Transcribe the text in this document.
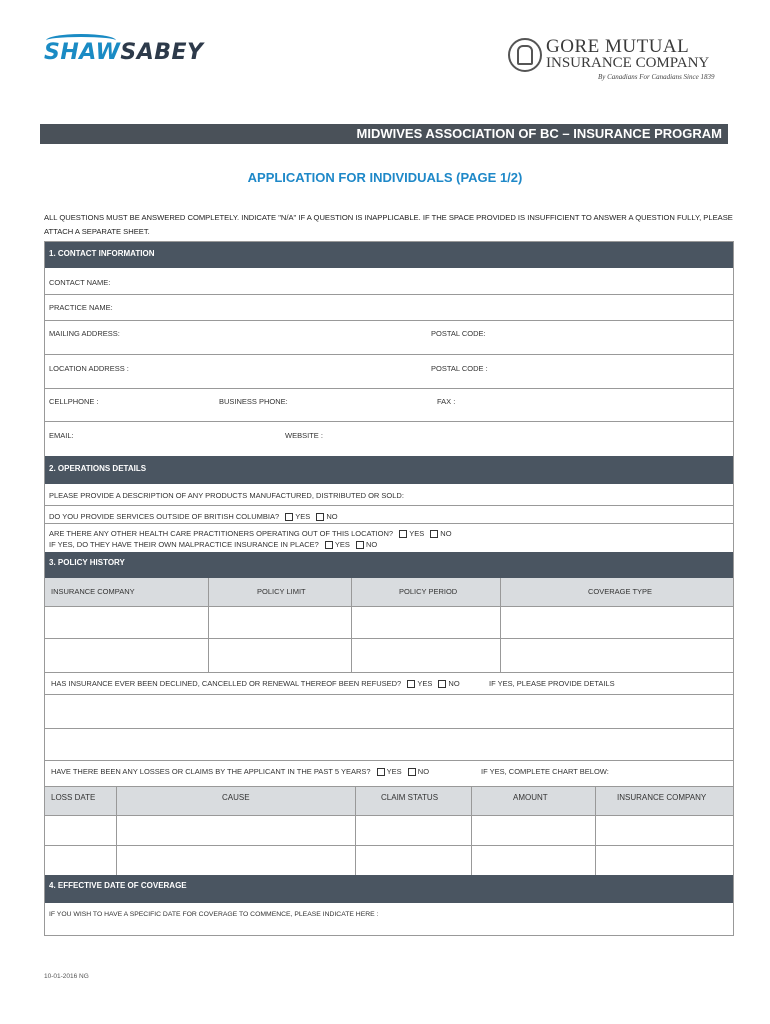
SHAWSABEY	GORE MUTUAL
INSURANCE COMPANY
By Canadians For Canadians Since 1839
MIDWIVES ASSOCIATION OF BC – INSURANCE PROGRAM
APPLICATION FOR INDIVIDUALS (PAGE 1/2)
ALL QUESTIONS MUST BE ANSWERED COMPLETELY. INDICATE "N/A" IF A QUESTION IS INAPPLICABLE. IF THE SPACE PROVIDED IS INSUFFICIENT TO ANSWER A QUESTION FULLY, PLEASE ATTACH A SEPARATE SHEET.
1. CONTACT INFORMATION
CONTACT NAME:
PRACTICE NAME:
MAILING ADDRESS:	POSTAL CODE:
LOCATION ADDRESS :	POSTAL CODE :
CELLPHONE :	BUSINESS PHONE:	FAX :
EMAIL:	WEBSITE :
2. OPERATIONS DETAILS
PLEASE PROVIDE A DESCRIPTION OF ANY PRODUCTS MANUFACTURED, DISTRIBUTED OR SOLD:
DO YOU PROVIDE SERVICES OUTSIDE OF BRITISH COLUMBIA? YES NO
ARE THERE ANY OTHER HEALTH CARE PRACTITIONERS OPERATING OUT OF THIS LOCATION? YES NO
IF YES, DO THEY HAVE THEIR OWN MALPRACTICE INSURANCE IN PLACE? YES NO
3. POLICY HISTORY
INSURANCE COMPANY	POLICY LIMIT	POLICY PERIOD	COVERAGE TYPE
HAS INSURANCE EVER BEEN DECLINED, CANCELLED OR RENEWAL THEREOF BEEN REFUSED? YES NO	IF YES, PLEASE PROVIDE DETAILS
HAVE THERE BEEN ANY LOSSES OR CLAIMS BY THE APPLICANT IN THE PAST 5 YEARS? YES NO	IF YES, COMPLETE CHART BELOW:
LOSS DATE	CAUSE	CLAIM STATUS	AMOUNT	INSURANCE COMPANY
4. EFFECTIVE DATE OF COVERAGE
IF YOU WISH TO HAVE A SPECIFIC DATE FOR COVERAGE TO COMMENCE, PLEASE INDICATE HERE :
10-01-2016 NG
